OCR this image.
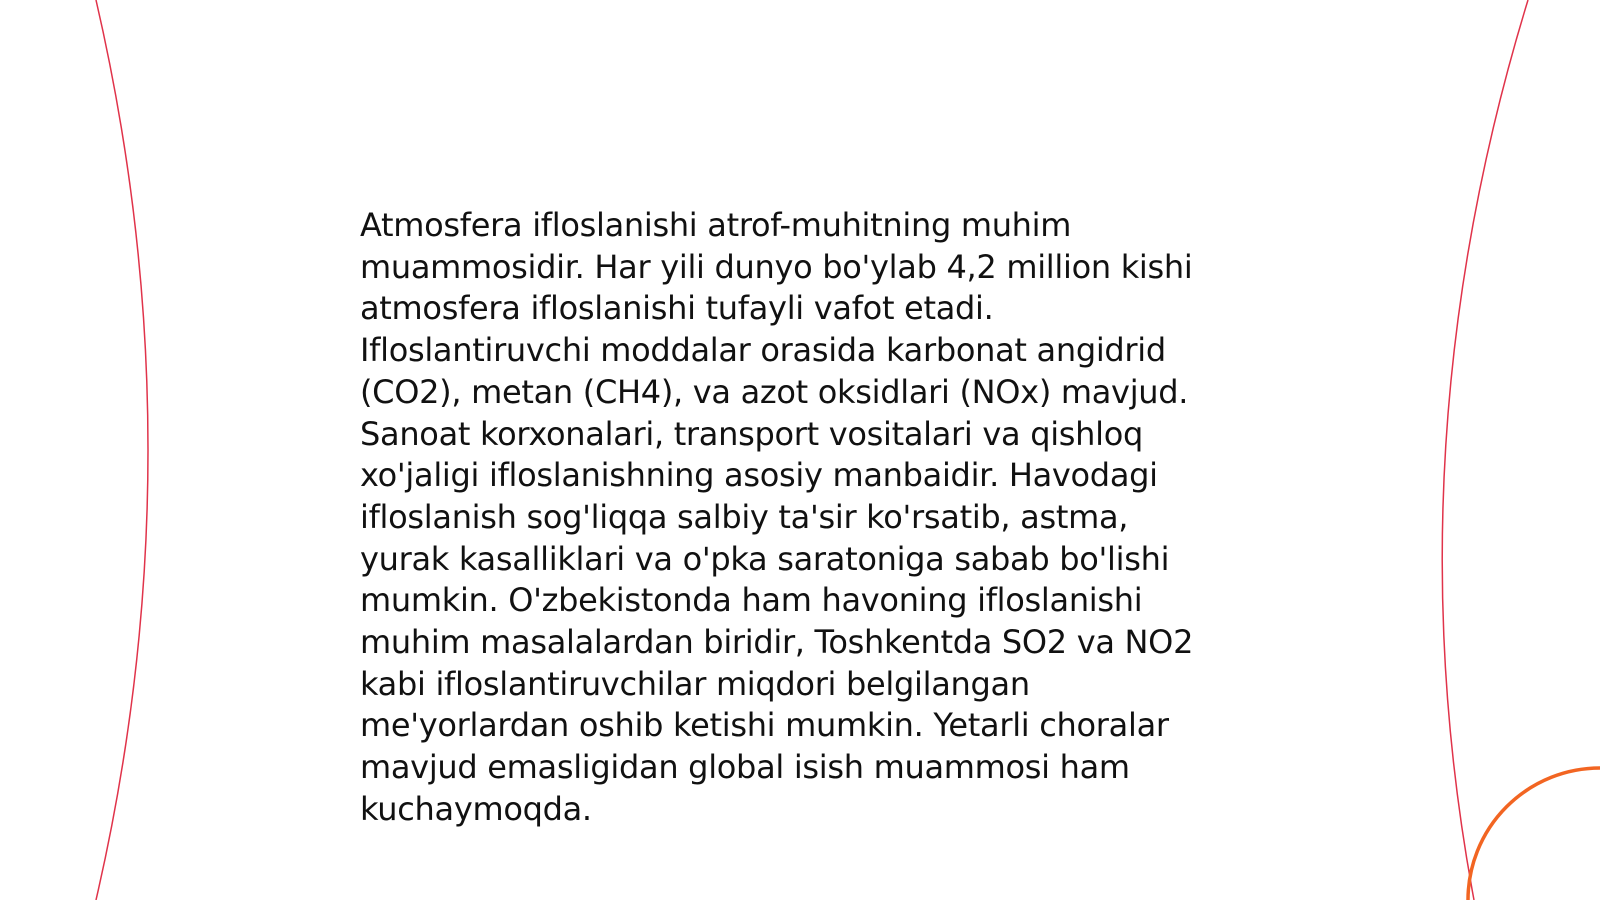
Atmosfera ifloslanishi atrof-muhitning muhim
muammosidir. Har yili dunyo bo'ylab 4,2 million kishi
atmosfera ifloslanishi tufayli vafot etadi.
Ifloslantiruvchi moddalar orasida karbonat angidrid
(CO2), metan (CH4), va azot oksidlari (NOx) mavjud.
Sanoat korxonalari, transport vositalari va qishloq
xo'jaligi ifloslanishning asosiy manbaidir. Havodagi
ifloslanish sog'liqqa salbiy ta'sir ko'rsatib, astma,
yurak kasalliklari va o'pka saratoniga sabab bo'lishi
mumkin. O'zbekistonda ham havoning ifloslanishi
muhim masalalardan biridir, Toshkentda SO2 va NO2
kabi ifloslantiruvchilar miqdori belgilangan
me'yorlardan oshib ketishi mumkin. Yetarli choralar
mavjud emasligidan global isish muammosi ham
kuchaymoqda.
